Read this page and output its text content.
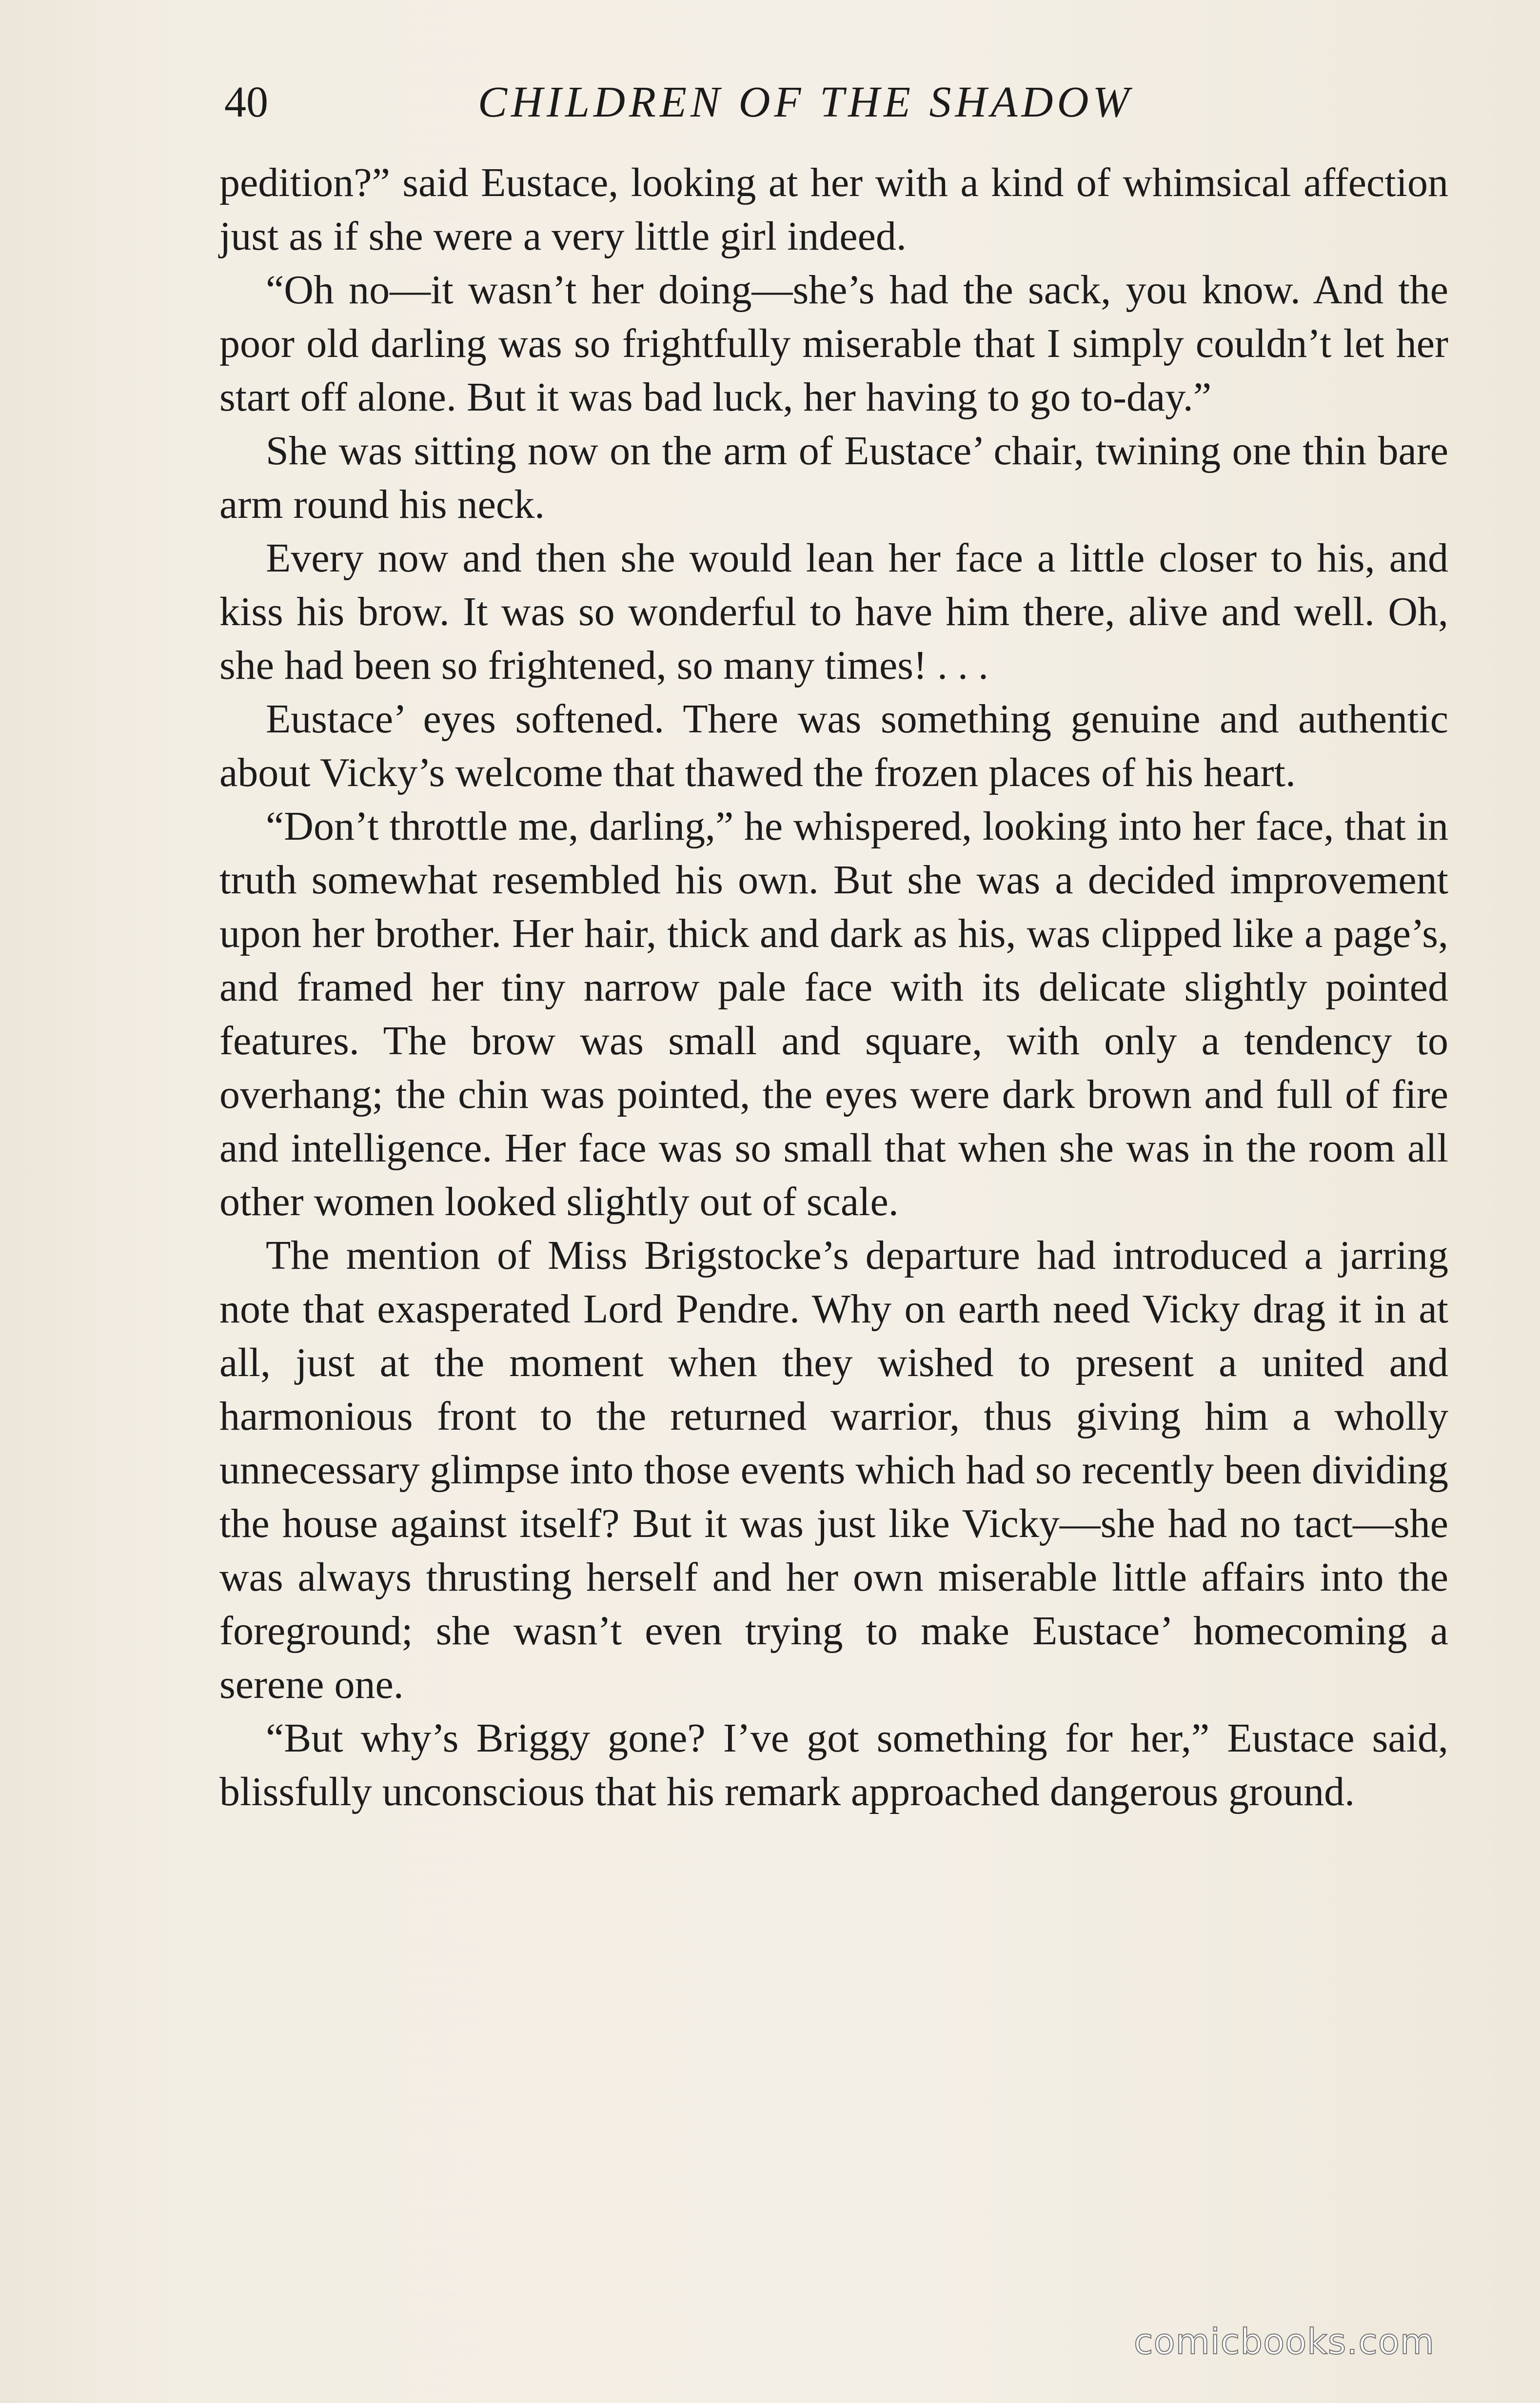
40	CHILDREN OF THE SHADOW

pedition?” said Eustace, looking at her with a kind of whimsical affection just as if she were a very little girl indeed.

“Oh no—it wasn’t her doing—she’s had the sack, you know. And the poor old darling was so frightfully miserable that I simply couldn’t let her start off alone. But it was bad luck, her having to go to-day.”

She was sitting now on the arm of Eustace’ chair, twining one thin bare arm round his neck.

Every now and then she would lean her face a little closer to his, and kiss his brow. It was so wonderful to have him there, alive and well. Oh, she had been so frightened, so many times! . . .

Eustace’ eyes softened. There was something genuine and authentic about Vicky’s welcome that thawed the frozen places of his heart.

“Don’t throttle me, darling,” he whispered, looking into her face, that in truth somewhat resembled his own. But she was a decided improvement upon her brother. Her hair, thick and dark as his, was clipped like a page’s, and framed her tiny narrow pale face with its delicate slightly pointed features. The brow was small and square, with only a tendency to overhang; the chin was pointed, the eyes were dark brown and full of fire and intelligence. Her face was so small that when she was in the room all other women looked slightly out of scale.

The mention of Miss Brigstocke’s departure had introduced a jarring note that exasperated Lord Pendre. Why on earth need Vicky drag it in at all, just at the moment when they wished to present a united and harmonious front to the returned warrior, thus giving him a wholly unnecessary glimpse into those events which had so recently been dividing the house against itself? But it was just like Vicky—she had no tact—she was always thrusting herself and her own miserable little affairs into the foreground; she wasn’t even trying to make Eustace’ homecoming a serene one.

“But why’s Briggy gone? I’ve got something for her,” Eustace said, blissfully unconscious that his remark approached dangerous ground.

comicbooks.com
